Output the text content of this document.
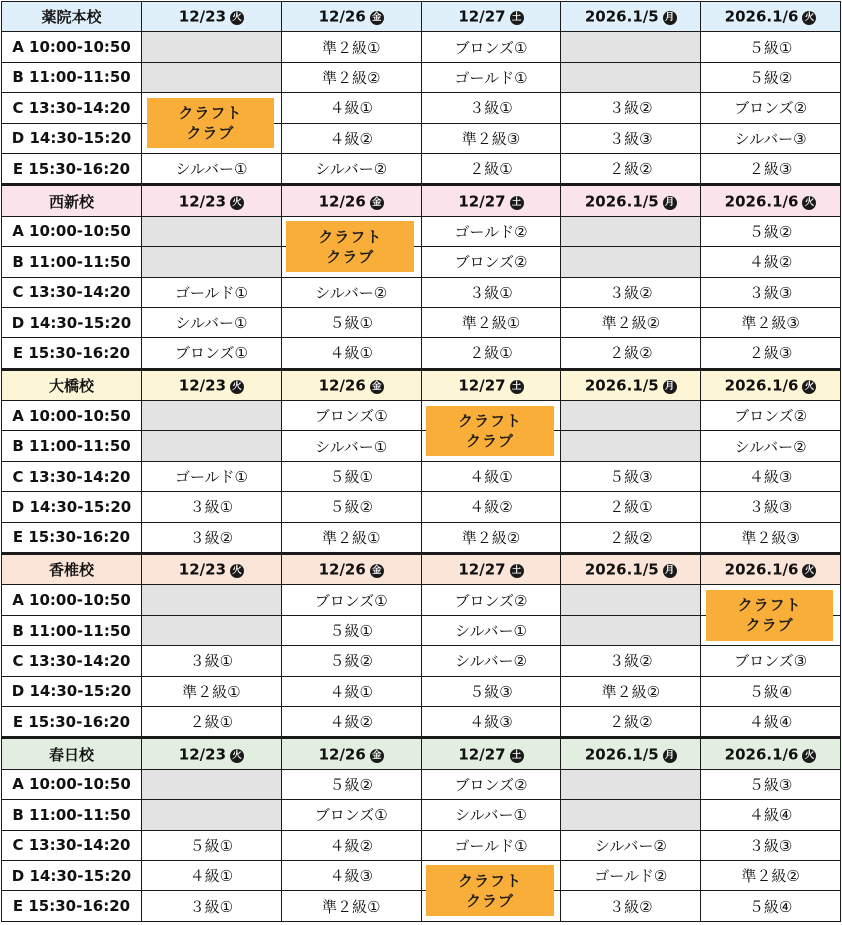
薬院本校	12/23 火	12/26 金	12/27 土	2026.1/5 月	2026.1/6 火
A 10:00-10:50		準２級①	ブロンズ①		５級①
B 11:00-11:50		準２級②	ゴールド①		５級②
C 13:30-14:20		４級①	３級①	３級②	ブロンズ②
D 14:30-15:20		４級②	準２級③	３級③	シルバー③
E 15:30-16:20	シルバー①	シルバー②	２級①	２級②	２級③
西新校	12/23 火	12/26 金	12/27 土	2026.1/5 月	2026.1/6 火
A 10:00-10:50			ゴールド②		５級②
B 11:00-11:50			ブロンズ②		４級②
C 13:30-14:20	ゴールド①	シルバー②	３級①	３級②	３級③
D 14:30-15:20	シルバー①	５級①	準２級①	準２級②	準２級③
E 15:30-16:20	ブロンズ①	４級①	２級①	２級②	２級③
大橋校	12/23 火	12/26 金	12/27 土	2026.1/5 月	2026.1/6 火
A 10:00-10:50		ブロンズ①			ブロンズ②
B 11:00-11:50		シルバー①			シルバー②
C 13:30-14:20	ゴールド①	５級①	４級①	５級③	４級③
D 14:30-15:20	３級①	５級②	４級②	２級①	３級③
E 15:30-16:20	３級②	準２級①	準２級②	２級②	準２級③
香椎校	12/23 火	12/26 金	12/27 土	2026.1/5 月	2026.1/6 火
A 10:00-10:50		ブロンズ①	ブロンズ②		
B 11:00-11:50		５級①	シルバー①		
C 13:30-14:20	３級①	５級②	シルバー②	３級②	ブロンズ③
D 14:30-15:20	準２級①	４級①	５級③	準２級②	５級④
E 15:30-16:20	２級①	４級②	４級③	２級②	４級④
春日校	12/23 火	12/26 金	12/27 土	2026.1/5 月	2026.1/6 火
A 10:00-10:50		５級②	ブロンズ②		５級③
B 11:00-11:50		ブロンズ①	シルバー①		４級④
C 13:30-14:20	５級①	４級②	ゴールド①	シルバー②	３級③
D 14:30-15:20	４級①	４級③		ゴールド②	準２級②
E 15:30-16:20	３級①	準２級①		３級②	５級④
クラフト
クラブ
クラフト
クラブ
クラフト
クラブ
クラフト
クラブ
クラフト
クラブ
